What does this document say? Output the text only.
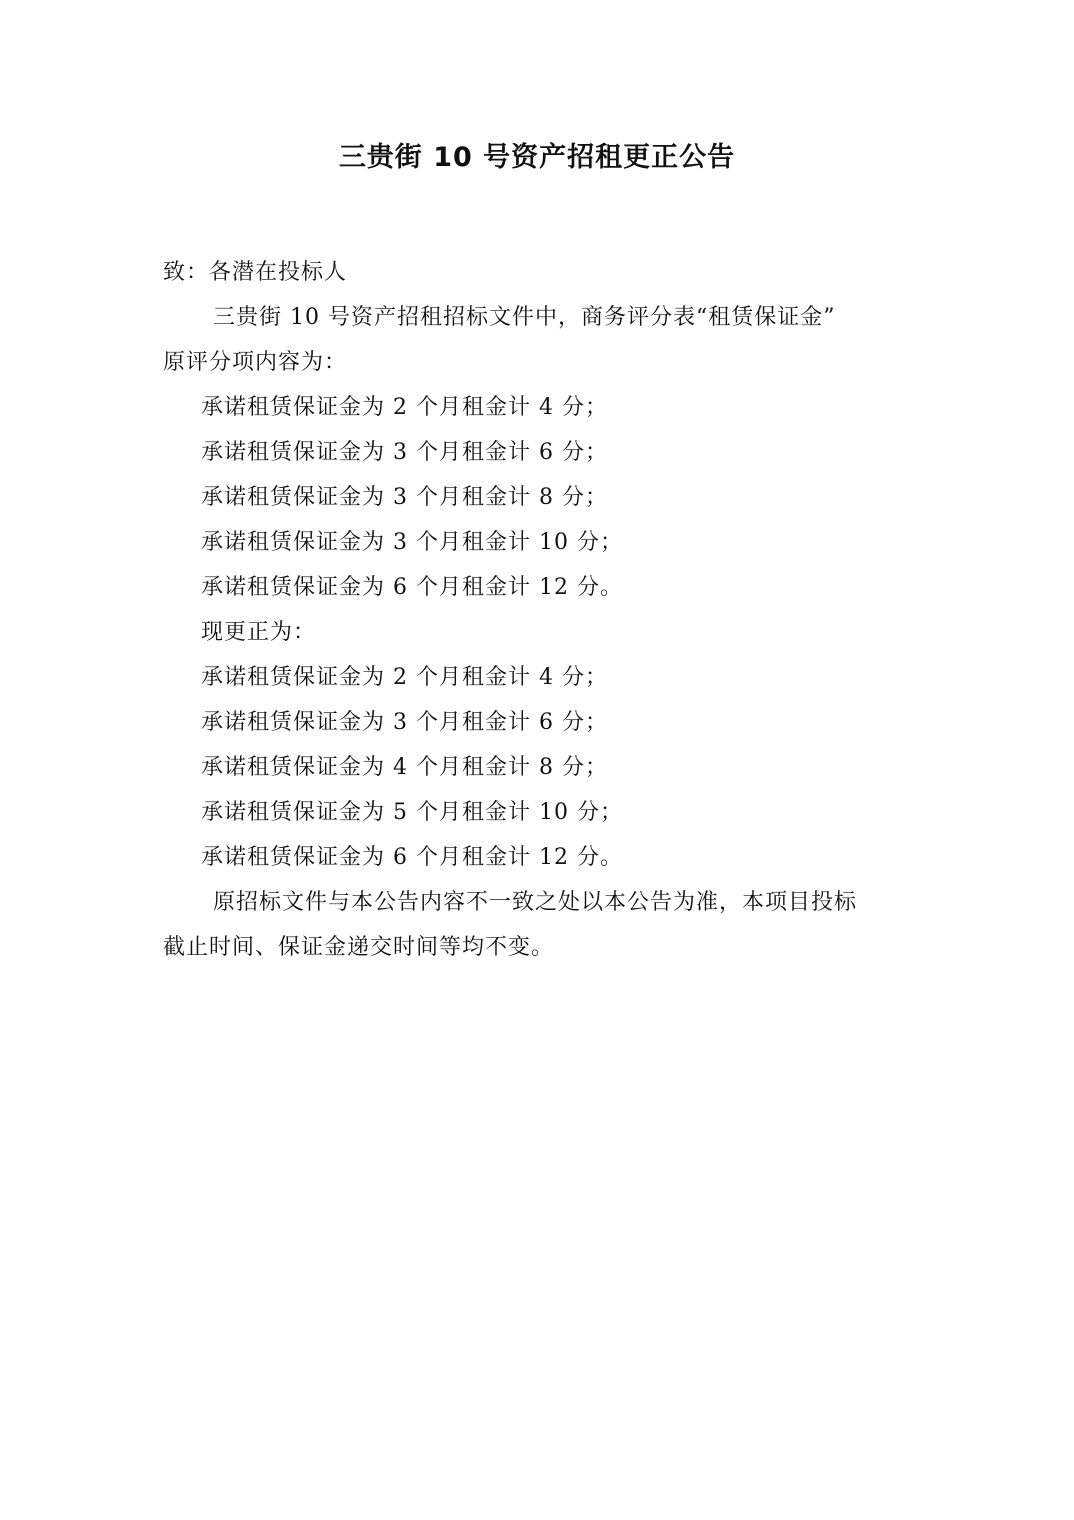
三贵街 10 号资产招租更正公告
致：各潜在投标人
三贵街 10 号资产招租招标文件中，商务评分表“租赁保证金”
原评分项内容为：
承诺租赁保证金为 2 个月租金计 4 分；
承诺租赁保证金为 3 个月租金计 6 分；
承诺租赁保证金为 3 个月租金计 8 分；
承诺租赁保证金为 3 个月租金计 10 分；
承诺租赁保证金为 6 个月租金计 12 分。
现更正为：
承诺租赁保证金为 2 个月租金计 4 分；
承诺租赁保证金为 3 个月租金计 6 分；
承诺租赁保证金为 4 个月租金计 8 分；
承诺租赁保证金为 5 个月租金计 10 分；
承诺租赁保证金为 6 个月租金计 12 分。
原招标文件与本公告内容不一致之处以本公告为准，本项目投标
截止时间、保证金递交时间等均不变。
